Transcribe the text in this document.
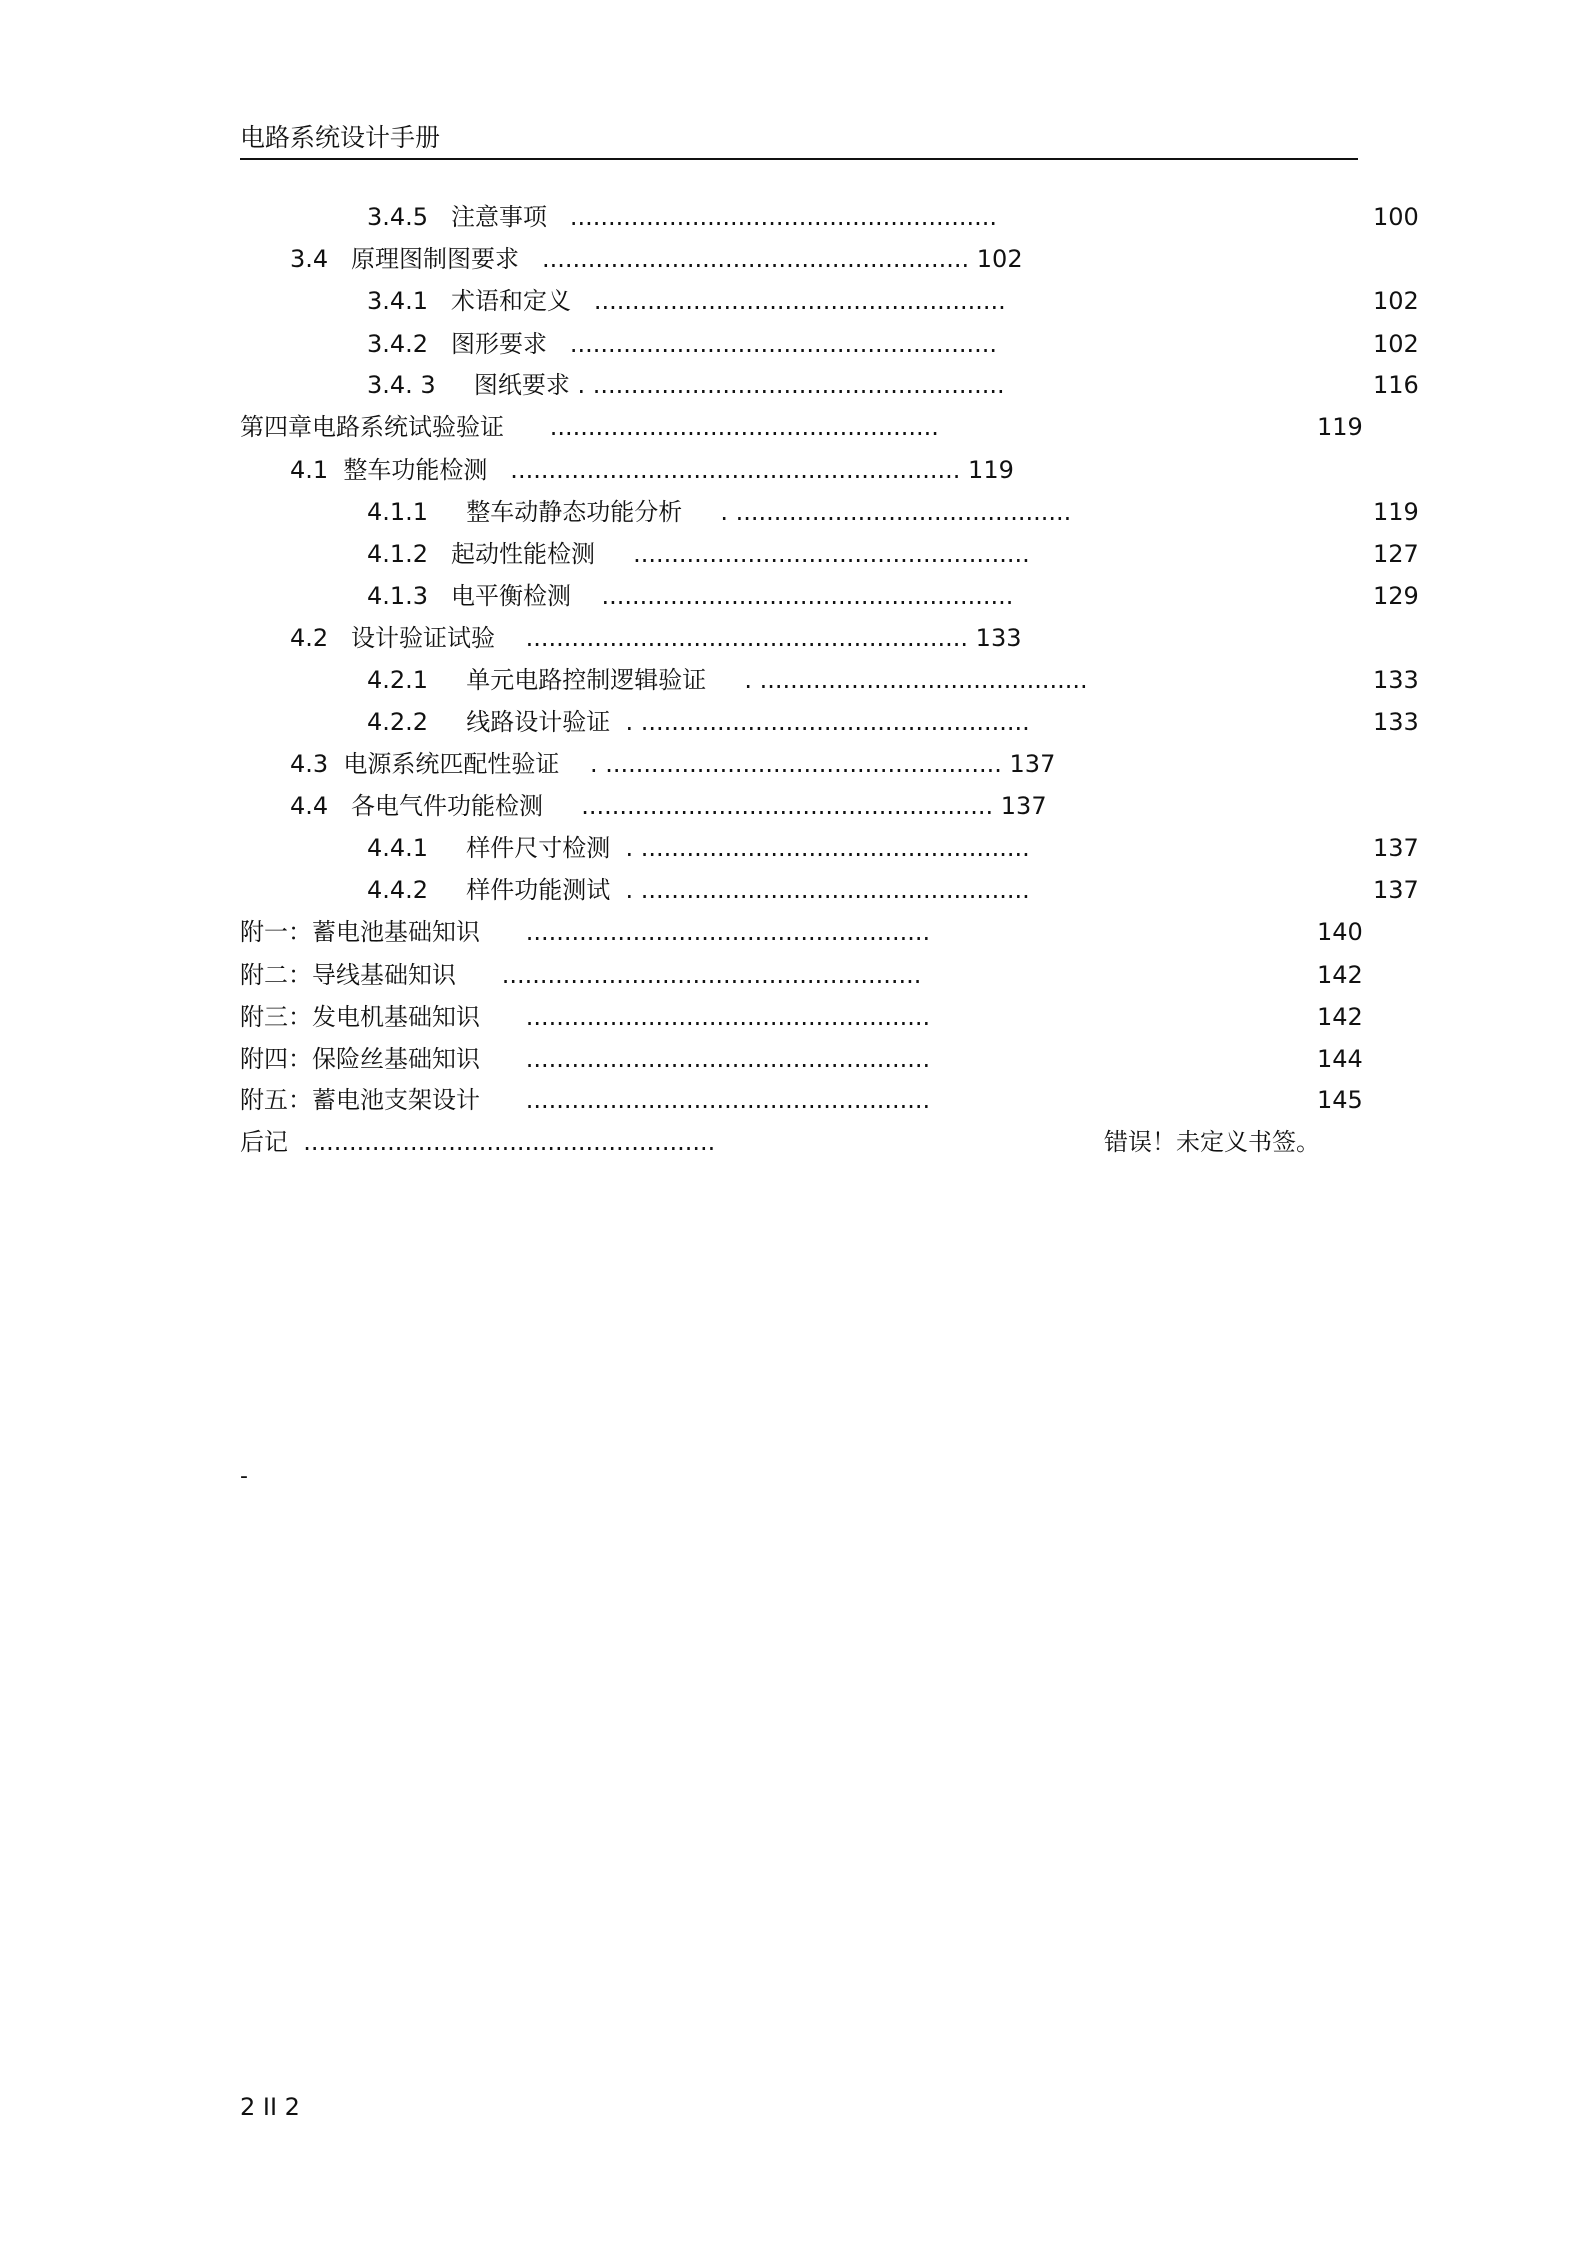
电路系统设计手册
3.4.5   注意事项   ........................................................	100
3.4   原理图制图要求   ........................................................ 102
3.4.1   术语和定义   ......................................................	102
3.4.2   图形要求   ........................................................	102
3.4. 3     图纸要求 . ......................................................	116
第四章电路系统试验验证      ...................................................	119
4.1  整车功能检测   ........................................................... 119
4.1.1     整车动静态功能分析     . ............................................	119
4.1.2   起动性能检测     ....................................................	127
4.1.3   电平衡检测    ......................................................	129
4.2   设计验证试验    .......................................................... 133
4.2.1     单元电路控制逻辑验证     . ...........................................	133
4.2.2     线路设计验证  . ...................................................	133
4.3  电源系统匹配性验证    . .................................................... 137
4.4   各电气件功能检测     ...................................................... 137
4.4.1     样件尺寸检测  . ...................................................	137
4.4.2     样件功能测试  . ...................................................	137
附一：蓄电池基础知识      .....................................................	140
附二：导线基础知识      .......................................................	142
附三：发电机基础知识      .....................................................	142
附四：保险丝基础知识      .....................................................	144
附五：蓄电池支架设计      .....................................................	145
后记  ......................................................	错误！未定义书签。
-
2 II 2
